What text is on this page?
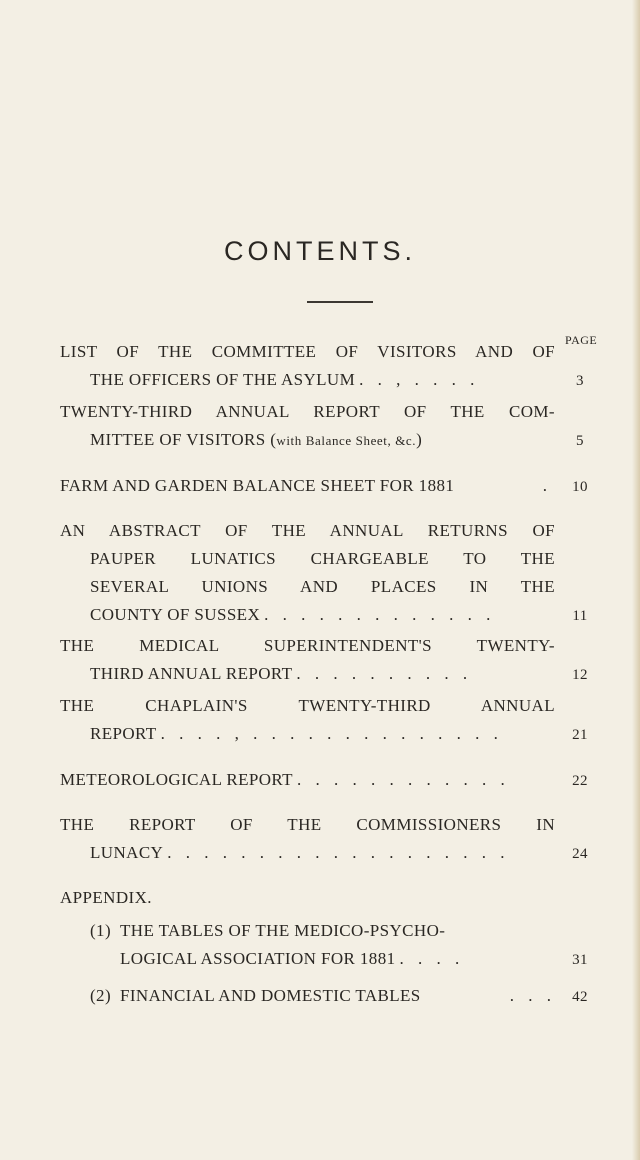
CONTENTS.
PAGE
LIST OF THE COMMITTEE OF VISITORS AND OF
THE OFFICERS OF THE ASYLUM . . , . . . .	3
TWENTY-THIRD ANNUAL REPORT OF THE COM-
MITTEE OF VISITORS (with Balance Sheet, &c.)	5
FARM AND GARDEN BALANCE SHEET FOR 1881	.	10
AN ABSTRACT OF THE ANNUAL RETURNS OF
PAUPER LUNATICS CHARGEABLE TO THE
SEVERAL UNIONS AND PLACES IN THE
COUNTY OF SUSSEX . . . . . . . . . . . . .	11
THE MEDICAL SUPERINTENDENT'S TWENTY-
THIRD ANNUAL REPORT . . . . . . . . . .	12
THE CHAPLAIN'S TWENTY-THIRD ANNUAL
REPORT . . . . , . . . . . . . . . . . . . .	21
METEOROLOGICAL REPORT . . . . . . . . . . . .	22
THE REPORT OF THE COMMISSIONERS IN
LUNACY . . . . . . . . . . . . . . . . . . .	24
APPENDIX.
(1) THE TABLES OF THE MEDICO-PSYCHO-
LOGICAL ASSOCIATION FOR 1881 . . . .	31
(2) FINANCIAL AND DOMESTIC TABLES	. . .	42
